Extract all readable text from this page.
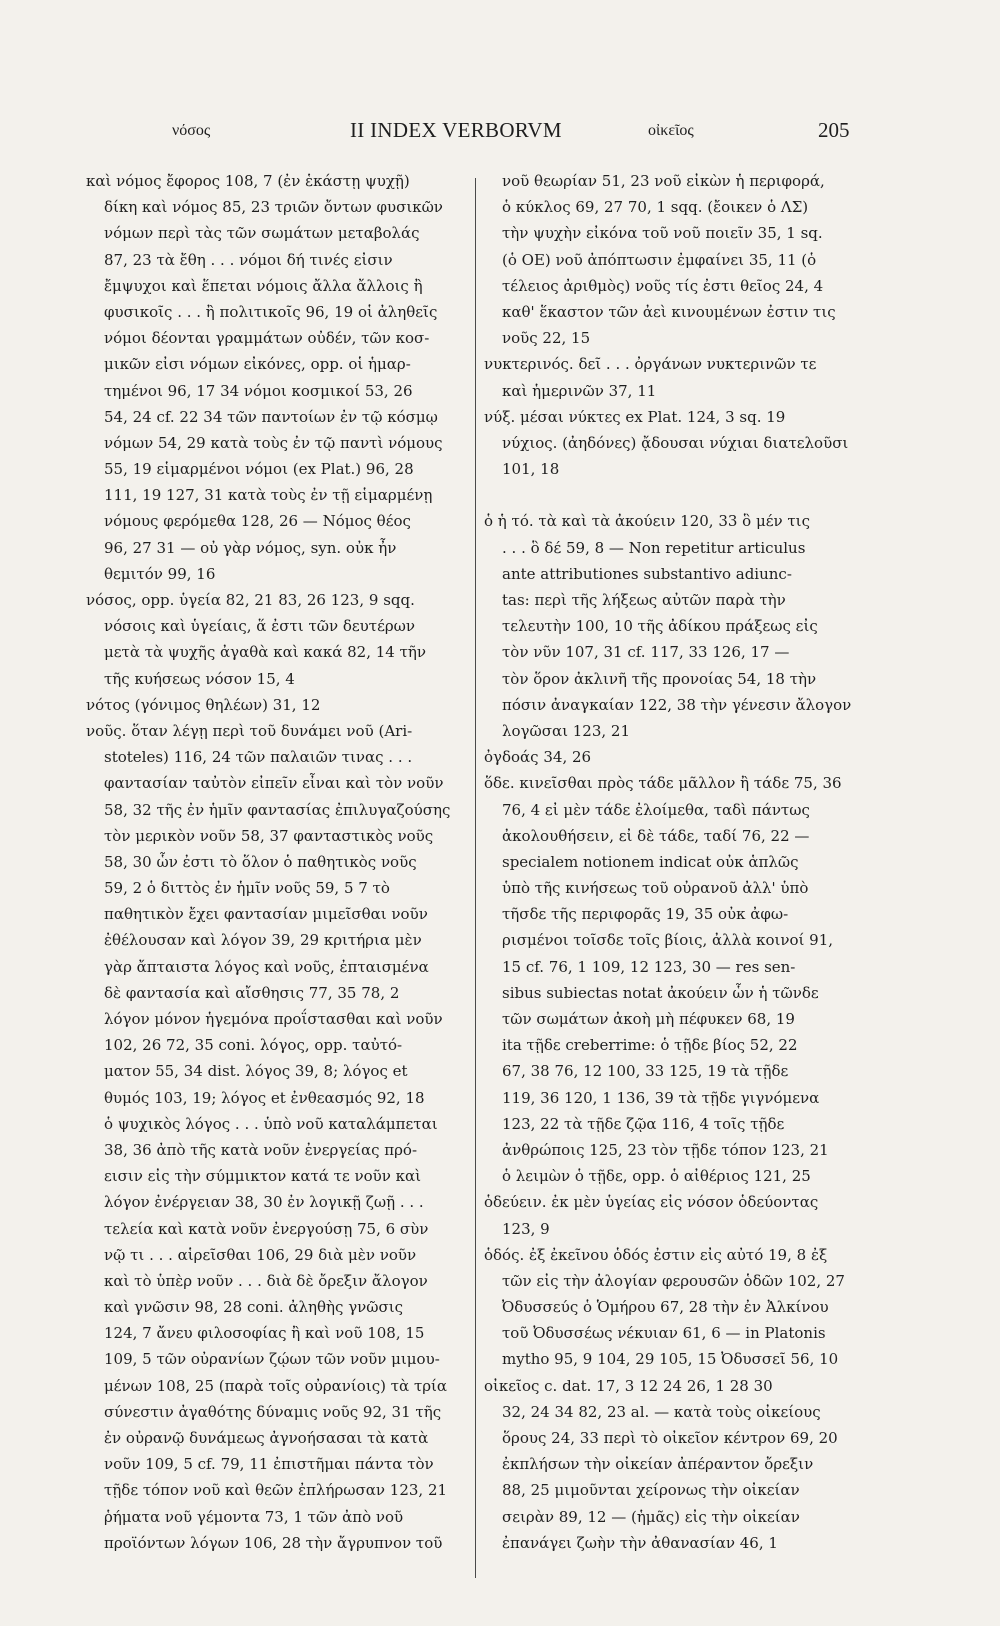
νόσος	II INDEX VERBORVM	οἰκεῖος	205
καὶ νόμος ἔφορος 108, 7 (ἐν ἑκάστῃ ψυχῇ)
δίκη καὶ νόμος 85, 23 τριῶν ὄντων φυσικῶν
νόμων περὶ τὰς τῶν σωμάτων μεταβολάς
87, 23 τὰ ἔθη . . . νόμοι δή τινές εἰσιν
ἔμψυχοι καὶ ἕπεται νόμοις ἄλλα ἄλλοις ἢ
φυσικοῖς . . . ἢ πολιτικοῖς 96, 19 οἱ ἀληθεῖς
νόμοι δέονται γραμμάτων οὐδέν, τῶν κοσ-
μικῶν εἰσι νόμων εἰκόνες, opp. οἱ ἡμαρ-
τημένοι 96, 17 34 νόμοι κοσμικοί 53, 26
54, 24 cf. 22 34 τῶν παντοίων ἐν τῷ κόσμῳ
νόμων 54, 29 κατὰ τοὺς ἐν τῷ παντὶ νόμους
55, 19 εἱμαρμένοι νόμοι (ex Plat.) 96, 28
111, 19 127, 31 κατὰ τοὺς ἐν τῇ εἱμαρμένῃ
νόμους φερόμεθα 128, 26 — Νόμος θέος
96, 27 31 — οὐ γὰρ νόμος, syn. οὐκ ἦν
θεμιτόν 99, 16
νόσος, opp. ὑγεία 82, 21 83, 26 123, 9 sqq.
νόσοις καὶ ὑγείαις, ἅ ἐστι τῶν δευτέρων
μετὰ τὰ ψυχῆς ἀγαθὰ καὶ κακά 82, 14 τῆν
τῆς κυήσεως νόσον 15, 4
νότος (γόνιμος θηλέων) 31, 12
νοῦς. ὅταν λέγῃ περὶ τοῦ δυνάμει νοῦ (Ari-
stoteles) 116, 24 τῶν παλαιῶν τινας . . .
φαντασίαν ταὐτὸν εἰπεῖν εἶναι καὶ τὸν νοῦν
58, 32 τῆς ἐν ἡμῖν φαντασίας ἐπιλυγαζούσης
τὸν μερικὸν νοῦν 58, 37 φανταστικὸς νοῦς
58, 30 ὧν ἐστι τὸ ὅλον ὁ παθητικὸς νοῦς
59, 2 ὁ διττὸς ἐν ἡμῖν νοῦς 59, 5 7 τὸ
παθητικὸν ἔχει φαντασίαν μιμεῖσθαι νοῦν
ἐθέλουσαν καὶ λόγον 39, 29 κριτήρια μὲν
γὰρ ἄπταιστα λόγος καὶ νοῦς, ἐπταισμένα
δὲ φαντασία καὶ αἴσθησις 77, 35 78, 2
λόγον μόνον ἡγεμόνα προΐστασθαι καὶ νοῦν
102, 26 72, 35 coni. λόγος, opp. ταὐτό-
ματον 55, 34 dist. λόγος 39, 8; λόγος et
θυμός 103, 19; λόγος et ἐνθεασμός 92, 18
ὁ ψυχικὸς λόγος . . . ὑπὸ νοῦ καταλάμπεται
38, 36 ἀπὸ τῆς κατὰ νοῦν ἐνεργείας πρό-
εισιν εἰς τὴν σύμμικτον κατά τε νοῦν καὶ
λόγον ἐνέργειαν 38, 30 ἐν λογικῇ ζωῇ . . .
τελεία καὶ κατὰ νοῦν ἐνεργούσῃ 75, 6 σὺν
νῷ τι . . . αἱρεῖσθαι 106, 29 διὰ μὲν νοῦν
καὶ τὸ ὑπὲρ νοῦν . . . διὰ δὲ ὄρεξιν ἄλογον
καὶ γνῶσιν 98, 28 coni. ἀληθὴς γνῶσις
124, 7 ἄνευ φιλοσοφίας ἢ καὶ νοῦ 108, 15
109, 5 τῶν οὐρανίων ζῴων τῶν νοῦν μιμου-
μένων 108, 25 (παρὰ τοῖς οὐρανίοις) τὰ τρία
σύνεστιν ἀγαθότης δύναμις νοῦς 92, 31 τῆς
ἐν οὐρανῷ δυνάμεως ἀγνοήσασαι τὰ κατὰ
νοῦν 109, 5 cf. 79, 11 ἐπιστῆμαι πάντα τὸν
τῇδε τόπον νοῦ καὶ θεῶν ἐπλήρωσαν 123, 21
ῥήματα νοῦ γέμοντα 73, 1 τῶν ἀπὸ νοῦ
προϊόντων λόγων 106, 28 τὴν ἄγρυπνον τοῦ
νοῦ θεωρίαν 51, 23 νοῦ εἰκὼν ἡ περιφορά,
ὁ κύκλος 69, 27 70, 1 sqq. (ἔοικεν ὁ ΛΣ)
τὴν ψυχὴν εἰκόνα τοῦ νοῦ ποιεῖν 35, 1 sq.
(ὁ ΟΕ) νοῦ ἀπόπτωσιν ἐμφαίνει 35, 11 (ὁ
τέλειος ἀριθμὸς) νοῦς τίς ἐστι θεῖος 24, 4
καθ' ἕκαστον τῶν ἀεὶ κινουμένων ἐστιν τις
νοῦς 22, 15
νυκτερινός. δεῖ . . . ὀργάνων νυκτερινῶν τε
καὶ ἡμερινῶν 37, 11
νύξ. μέσαι νύκτες ex Plat. 124, 3 sq. 19
νύχιος. (ἀηδόνες) ᾄδουσαι νύχιαι διατελοῦσι
101, 18
ὁ ἡ τό. τὰ καὶ τὰ ἀκούειν 120, 33 ὃ μέν τις
. . . ὃ δέ 59, 8 — Non repetitur articulus
ante attributiones substantivo adiunc-
tas: περὶ τῆς λήξεως αὐτῶν παρὰ τὴν
τελευτὴν 100, 10 τῆς ἀδίκου πράξεως εἰς
τὸν νῦν 107, 31 cf. 117, 33 126, 17 —
τὸν ὅρον ἀκλινῆ τῆς προνοίας 54, 18 τὴν
πόσιν ἀναγκαίαν 122, 38 τὴν γένεσιν ἄλογον
λογῶσαι 123, 21
ὀγδοάς 34, 26
ὅδε. κινεῖσθαι πρὸς τάδε μᾶλλον ἢ τάδε 75, 36
76, 4 εἰ μὲν τάδε ἐλοίμεθα, ταδὶ πάντως
ἀκολουθήσειν, εἰ δὲ τάδε, ταδί 76, 22 —
specialem notionem indicat οὐκ ἁπλῶς
ὑπὸ τῆς κινήσεως τοῦ οὐρανοῦ ἀλλ' ὑπὸ
τῆσδε τῆς περιφορᾶς 19, 35 οὐκ ἀφω-
ρισμένοι τοῖσδε τοῖς βίοις, ἀλλὰ κοινοί 91,
15 cf. 76, 1 109, 12 123, 30 — res sen-
sibus subiectas notat ἀκούειν ὧν ἡ τῶνδε
τῶν σωμάτων ἀκοὴ μὴ πέφυκεν 68, 19
ita τῇδε creberrime: ὁ τῇδε βίος 52, 22
67, 38 76, 12 100, 33 125, 19 τὰ τῇδε
119, 36 120, 1 136, 39 τὰ τῇδε γιγνόμενα
123, 22 τὰ τῇδε ζῷα 116, 4 τοῖς τῇδε
ἀνθρώποις 125, 23 τὸν τῇδε τόπον 123, 21
ὁ λειμὼν ὁ τῇδε, opp. ὁ αἰθέριος 121, 25
ὁδεύειν. ἐκ μὲν ὑγείας εἰς νόσον ὁδεύοντας
123, 9
ὁδός. ἐξ ἐκεῖνου ὁδός ἐστιν εἰς αὐτό 19, 8 ἐξ
τῶν εἰς τὴν ἀλογίαν φερουσῶν ὁδῶν 102, 27
Ὀδυσσεύς ὁ Ὁμήρου 67, 28 τὴν ἐν Ἀλκίνου
τοῦ Ὀδυσσέως νέκυιαν 61, 6 — in Platonis
mytho 95, 9 104, 29 105, 15 Ὀδυσσεῖ 56, 10
οἰκεῖος c. dat. 17, 3 12 24 26, 1 28 30
32, 24 34 82, 23 al. — κατὰ τοὺς οἰκείους
ὅρους 24, 33 περὶ τὸ οἰκεῖον κέντρον 69, 20
ἐκπλήσων τὴν οἰκείαν ἀπέραντον ὄρεξιν
88, 25 μιμοῦνται χείρονως τὴν οἰκείαν
σειρὰν 89, 12 — (ἡμᾶς) εἰς τὴν οἰκείαν
ἐπανάγει ζωὴν τὴν ἀθανασίαν 46, 1
